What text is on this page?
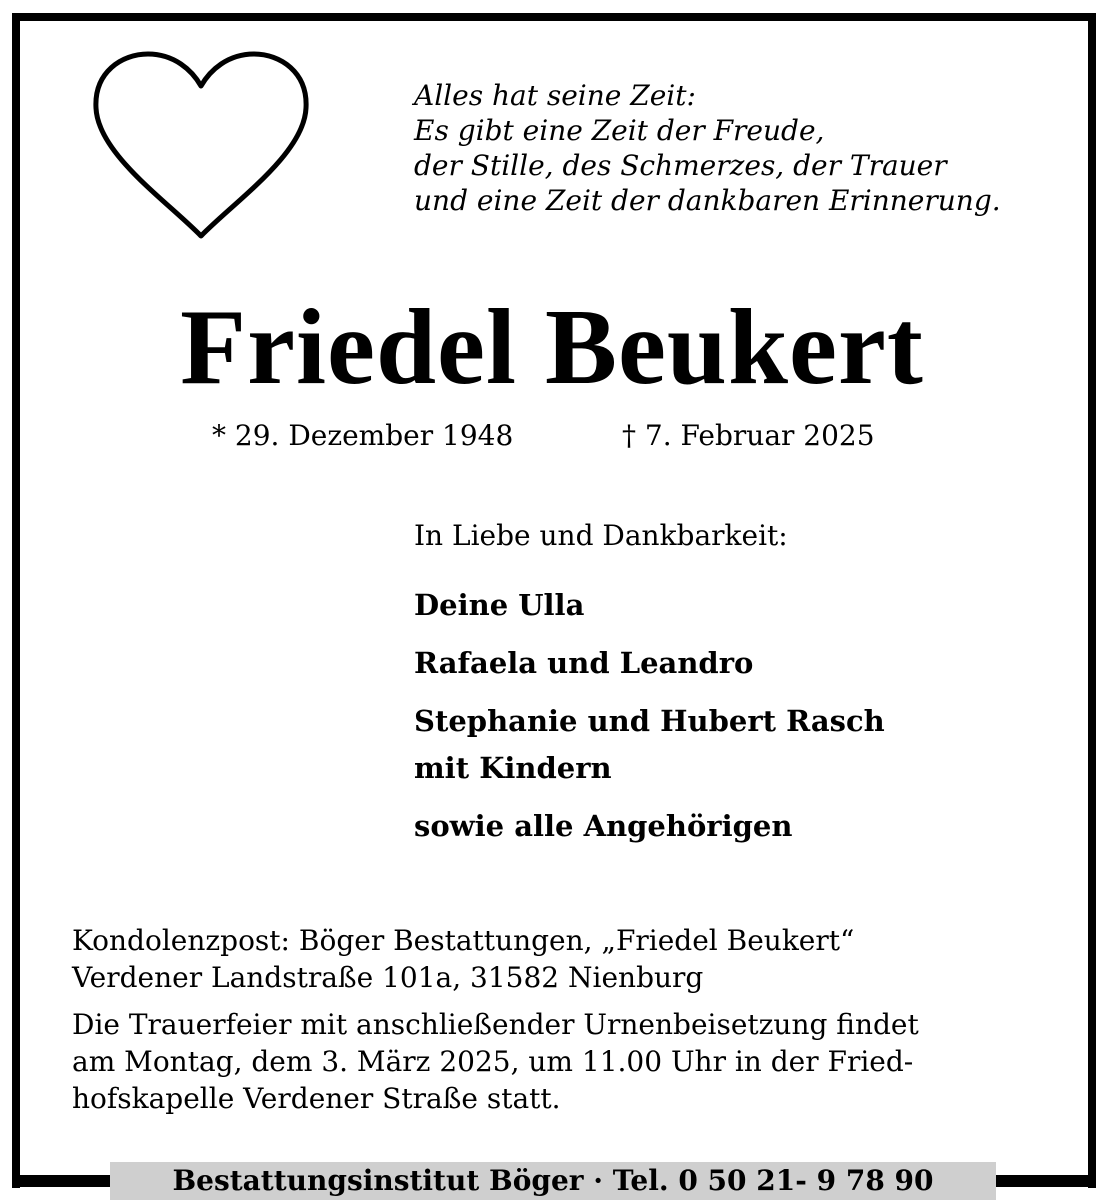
Alles hat seine Zeit:
Es gibt eine Zeit der Freude,
der Stille, des Schmerzes, der Trauer
und eine Zeit der dankbaren Erinnerung.
Friedel Beukert
* 29. Dezember 1948	† 7. Februar 2025
In Liebe und Dankbarkeit:
Deine Ulla
Rafaela und Leandro
Stephanie und Hubert Rasch
mit Kindern
sowie alle Angehörigen
Kondolenzpost: Böger Bestattungen, „Friedel Beukert“
Verdener Landstraße 101a, 31582 Nienburg
Die Trauerfeier mit anschließender Urnenbeisetzung findet
am Montag, dem 3. März 2025, um 11.00 Uhr in der Fried-
hofskapelle Verdener Straße statt.
Bestattungsinstitut Böger · Tel. 0 50 21- 9 78 90
